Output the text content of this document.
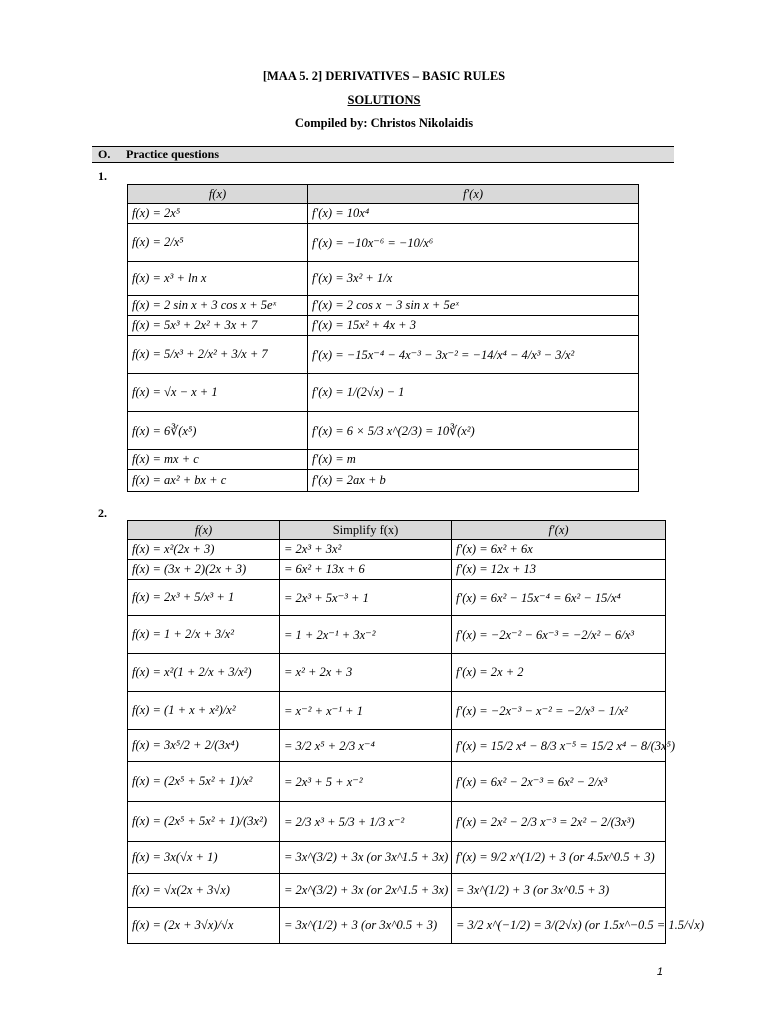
[MAA 5. 2] DERIVATIVES – BASIC RULES
SOLUTIONS
Compiled by: Christos Nikolaidis
O. Practice questions
1.
f(x)	f′(x)
f(x) = 2x⁵	f′(x) = 10x⁴
f(x) = 2/x⁵	f′(x) = −10x⁻⁶ = −10/x⁶
f(x) = x³ + ln x	f′(x) = 3x² + 1/x
f(x) = 2 sin x + 3 cos x + 5eˣ	f′(x) = 2 cos x − 3 sin x + 5eˣ
f(x) = 5x³ + 2x² + 3x + 7	f′(x) = 15x² + 4x + 3
f(x) = 5/x³ + 2/x² + 3/x + 7	f′(x) = −15x⁻⁴ − 4x⁻³ − 3x⁻² = −14/x⁴ − 4/x³ − 3/x²
f(x) = √x − x + 1	f′(x) = 1/(2√x) − 1
f(x) = 6∛(x⁵)	f′(x) = 6 × 5/3 x^(2/3) = 10∛(x²)
f(x) = mx + c	f′(x) = m
f(x) = ax² + bx + c	f′(x) = 2ax + b
2.
f(x)	Simplify f(x)	f′(x)
f(x) = x²(2x + 3)	= 2x³ + 3x²	f′(x) = 6x² + 6x
f(x) = (3x + 2)(2x + 3)	= 6x² + 13x + 6	f′(x) = 12x + 13
f(x) = 2x³ + 5/x³ + 1	= 2x³ + 5x⁻³ + 1	f′(x) = 6x² − 15x⁻⁴ = 6x² − 15/x⁴
f(x) = 1 + 2/x + 3/x²	= 1 + 2x⁻¹ + 3x⁻²	f′(x) = −2x⁻² − 6x⁻³ = −2/x² − 6/x³
f(x) = x²(1 + 2/x + 3/x²)	= x² + 2x + 3	f′(x) = 2x + 2
f(x) = (1 + x + x²)/x²	= x⁻² + x⁻¹ + 1	f′(x) = −2x⁻³ − x⁻² = −2/x³ − 1/x²
f(x) = 3x⁵/2 + 2/(3x⁴)	= 3/2 x⁵ + 2/3 x⁻⁴	f′(x) = 15/2 x⁴ − 8/3 x⁻⁵ = 15/2 x⁴ − 8/(3x⁵)
f(x) = (2x⁵ + 5x² + 1)/x²	= 2x³ + 5 + x⁻²	f′(x) = 6x² − 2x⁻³ = 6x² − 2/x³
f(x) = (2x⁵ + 5x² + 1)/(3x²)	= 2/3 x³ + 5/3 + 1/3 x⁻²	f′(x) = 2x² − 2/3 x⁻³ = 2x² − 2/(3x³)
f(x) = 3x(√x + 1)	= 3x^(3/2) + 3x (or 3x^1.5 + 3x)	f′(x) = 9/2 x^(1/2) + 3 (or 4.5x^0.5 + 3)
f(x) = √x(2x + 3√x)	= 2x^(3/2) + 3x (or 2x^1.5 + 3x)	= 3x^(1/2) + 3 (or 3x^0.5 + 3)
f(x) = (2x + 3√x)/√x	= 3x^(1/2) + 3 (or 3x^0.5 + 3)	= 3/2 x^(−1/2) = 3/(2√x) (or 1.5x^−0.5 = 1.5/√x)
1
